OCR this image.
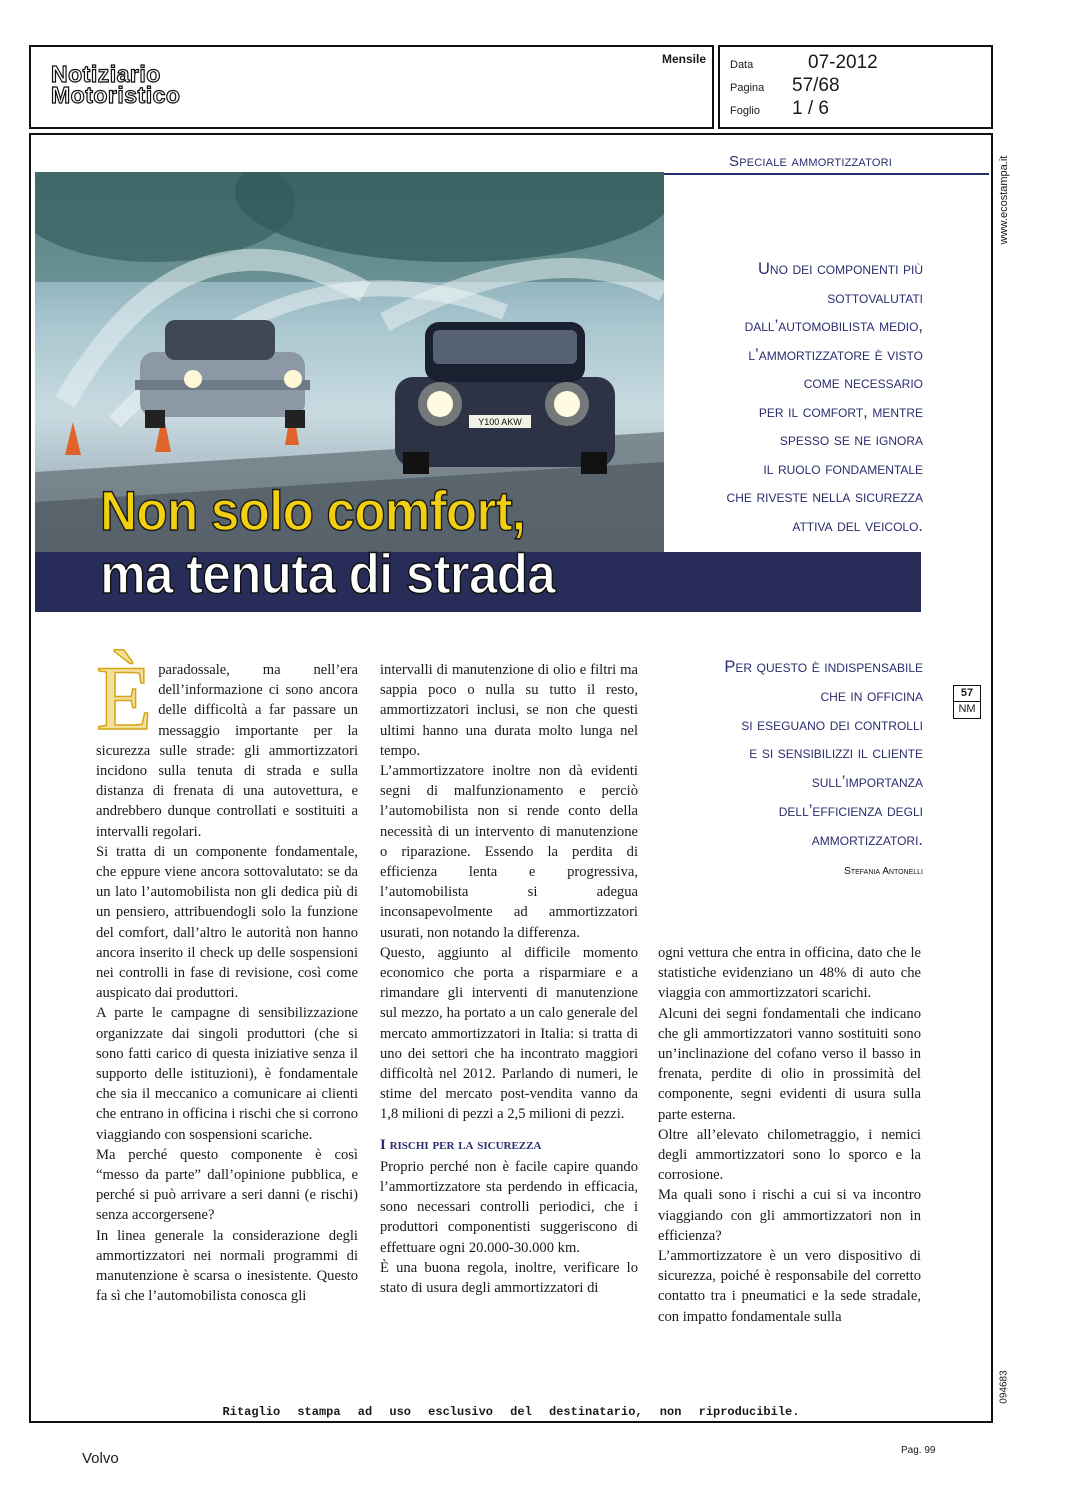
Notiziario
Motoristico
Mensile Data	07-2012
Pagina	57/68
Foglio	1 / 6
www.ecostampa.it
094683
Speciale ammortizzatori
Y100 AKW
Non solo comfort,
ma tenuta di strada
Uno dei componenti più
sottovalutati
dall’automobilista medio,
l’ammortizzatore è visto
come necessario
per il comfort, mentre
spesso se ne ignora
il ruolo fondamentale
che riveste nella sicurezza
attiva del veicolo.
Per questo è indispensabile
che in officina
si eseguano dei controlli
e si sensibilizzi il cliente
sull’importanza
dell’efficienza degli
ammortizzatori.
Stefania Antonelli
57
NM
È paradossale, ma nell’era dell’informazione ci sono ancora delle difficoltà a far passare un messaggio importante per la sicurezza sulle strade: gli ammortizzatori incidono sulla tenuta di strada e sulla distanza di frenata di una autovettura, e andrebbero dunque controllati e sostituiti a intervalli regolari.

Si tratta di un componente fondamentale, che eppure viene ancora sottovalutato: se da un lato l’automobilista non gli dedica più di un pensiero, attribuendogli solo la funzione del comfort, dall’altro le autorità non hanno ancora inserito il check up delle sospensioni nei controlli in fase di revisione, così come auspicato dai produttori.

A parte le campagne di sensibilizzazione organizzate dai singoli produttori (che si sono fatti carico di questa iniziative senza il supporto delle istituzioni), è fondamentale che sia il meccanico a comunicare ai clienti che entrano in officina i rischi che si corrono viaggiando con sospensioni scariche.

Ma perché questo componente è così “messo da parte” dall’opinione pubblica, e perché si può arrivare a seri danni (e rischi) senza accorgersene?

In linea generale la considerazione degli ammortizzatori nei normali programmi di manutenzione è scarsa o inesistente. Questo fa sì che l’automobilista conosca gli

intervalli di manutenzione di olio e filtri ma sappia poco o nulla su tutto il resto, ammortizzatori inclusi, se non che questi ultimi hanno una durata molto lunga nel tempo.

L’ammortizzatore inoltre non dà evidenti segni di malfunzionamento e perciò l’automobilista non si rende conto della necessità di un intervento di manutenzione o riparazione. Essendo la perdita di efficienza lenta e progressiva, l’automobilista si adegua inconsapevolmente ad ammortizzatori usurati, non notando la differenza.

Questo, aggiunto al difficile momento economico che porta a risparmiare e a rimandare gli interventi di manutenzione sul mezzo, ha portato a un calo generale del mercato ammortizzatori in Italia: si tratta di uno dei settori che ha incontrato maggiori difficoltà nel 2012. Parlando di numeri, le stime del mercato post-vendita vanno da 1,8 milioni di pezzi a 2,5 milioni di pezzi.

I rischi per la sicurezza

Proprio perché non è facile capire quando l’ammortizzatore sta perdendo in efficacia, sono necessari controlli periodici, che i produttori componentisti suggeriscono di effettuare ogni 20.000-30.000 km.

È una buona regola, inoltre, verificare lo stato di usura degli ammortizzatori di

ogni vettura che entra in officina, dato che le statistiche evidenziano un 48% di auto che viaggia con ammortizzatori scarichi.

Alcuni dei segni fondamentali che indicano che gli ammortizzatori vanno sostituiti sono un’inclinazione del cofano verso il basso in frenata, perdite di olio in prossimità del componente, segni evidenti di usura sulla parte esterna.

Oltre all’elevato chilometraggio, i nemici degli ammortizzatori sono lo sporco e la corrosione.

Ma quali sono i rischi a cui si va incontro viaggiando con gli ammortizzatori non in efficienza?

L’ammortizzatore è un vero dispositivo di sicurezza, poiché è responsabile del corretto contatto tra i pneumatici e la sede stradale, con impatto fondamentale sulla

Ritaglio stampa ad uso esclusivo del destinatario, non riproducibile.
Volvo	Pag. 99
